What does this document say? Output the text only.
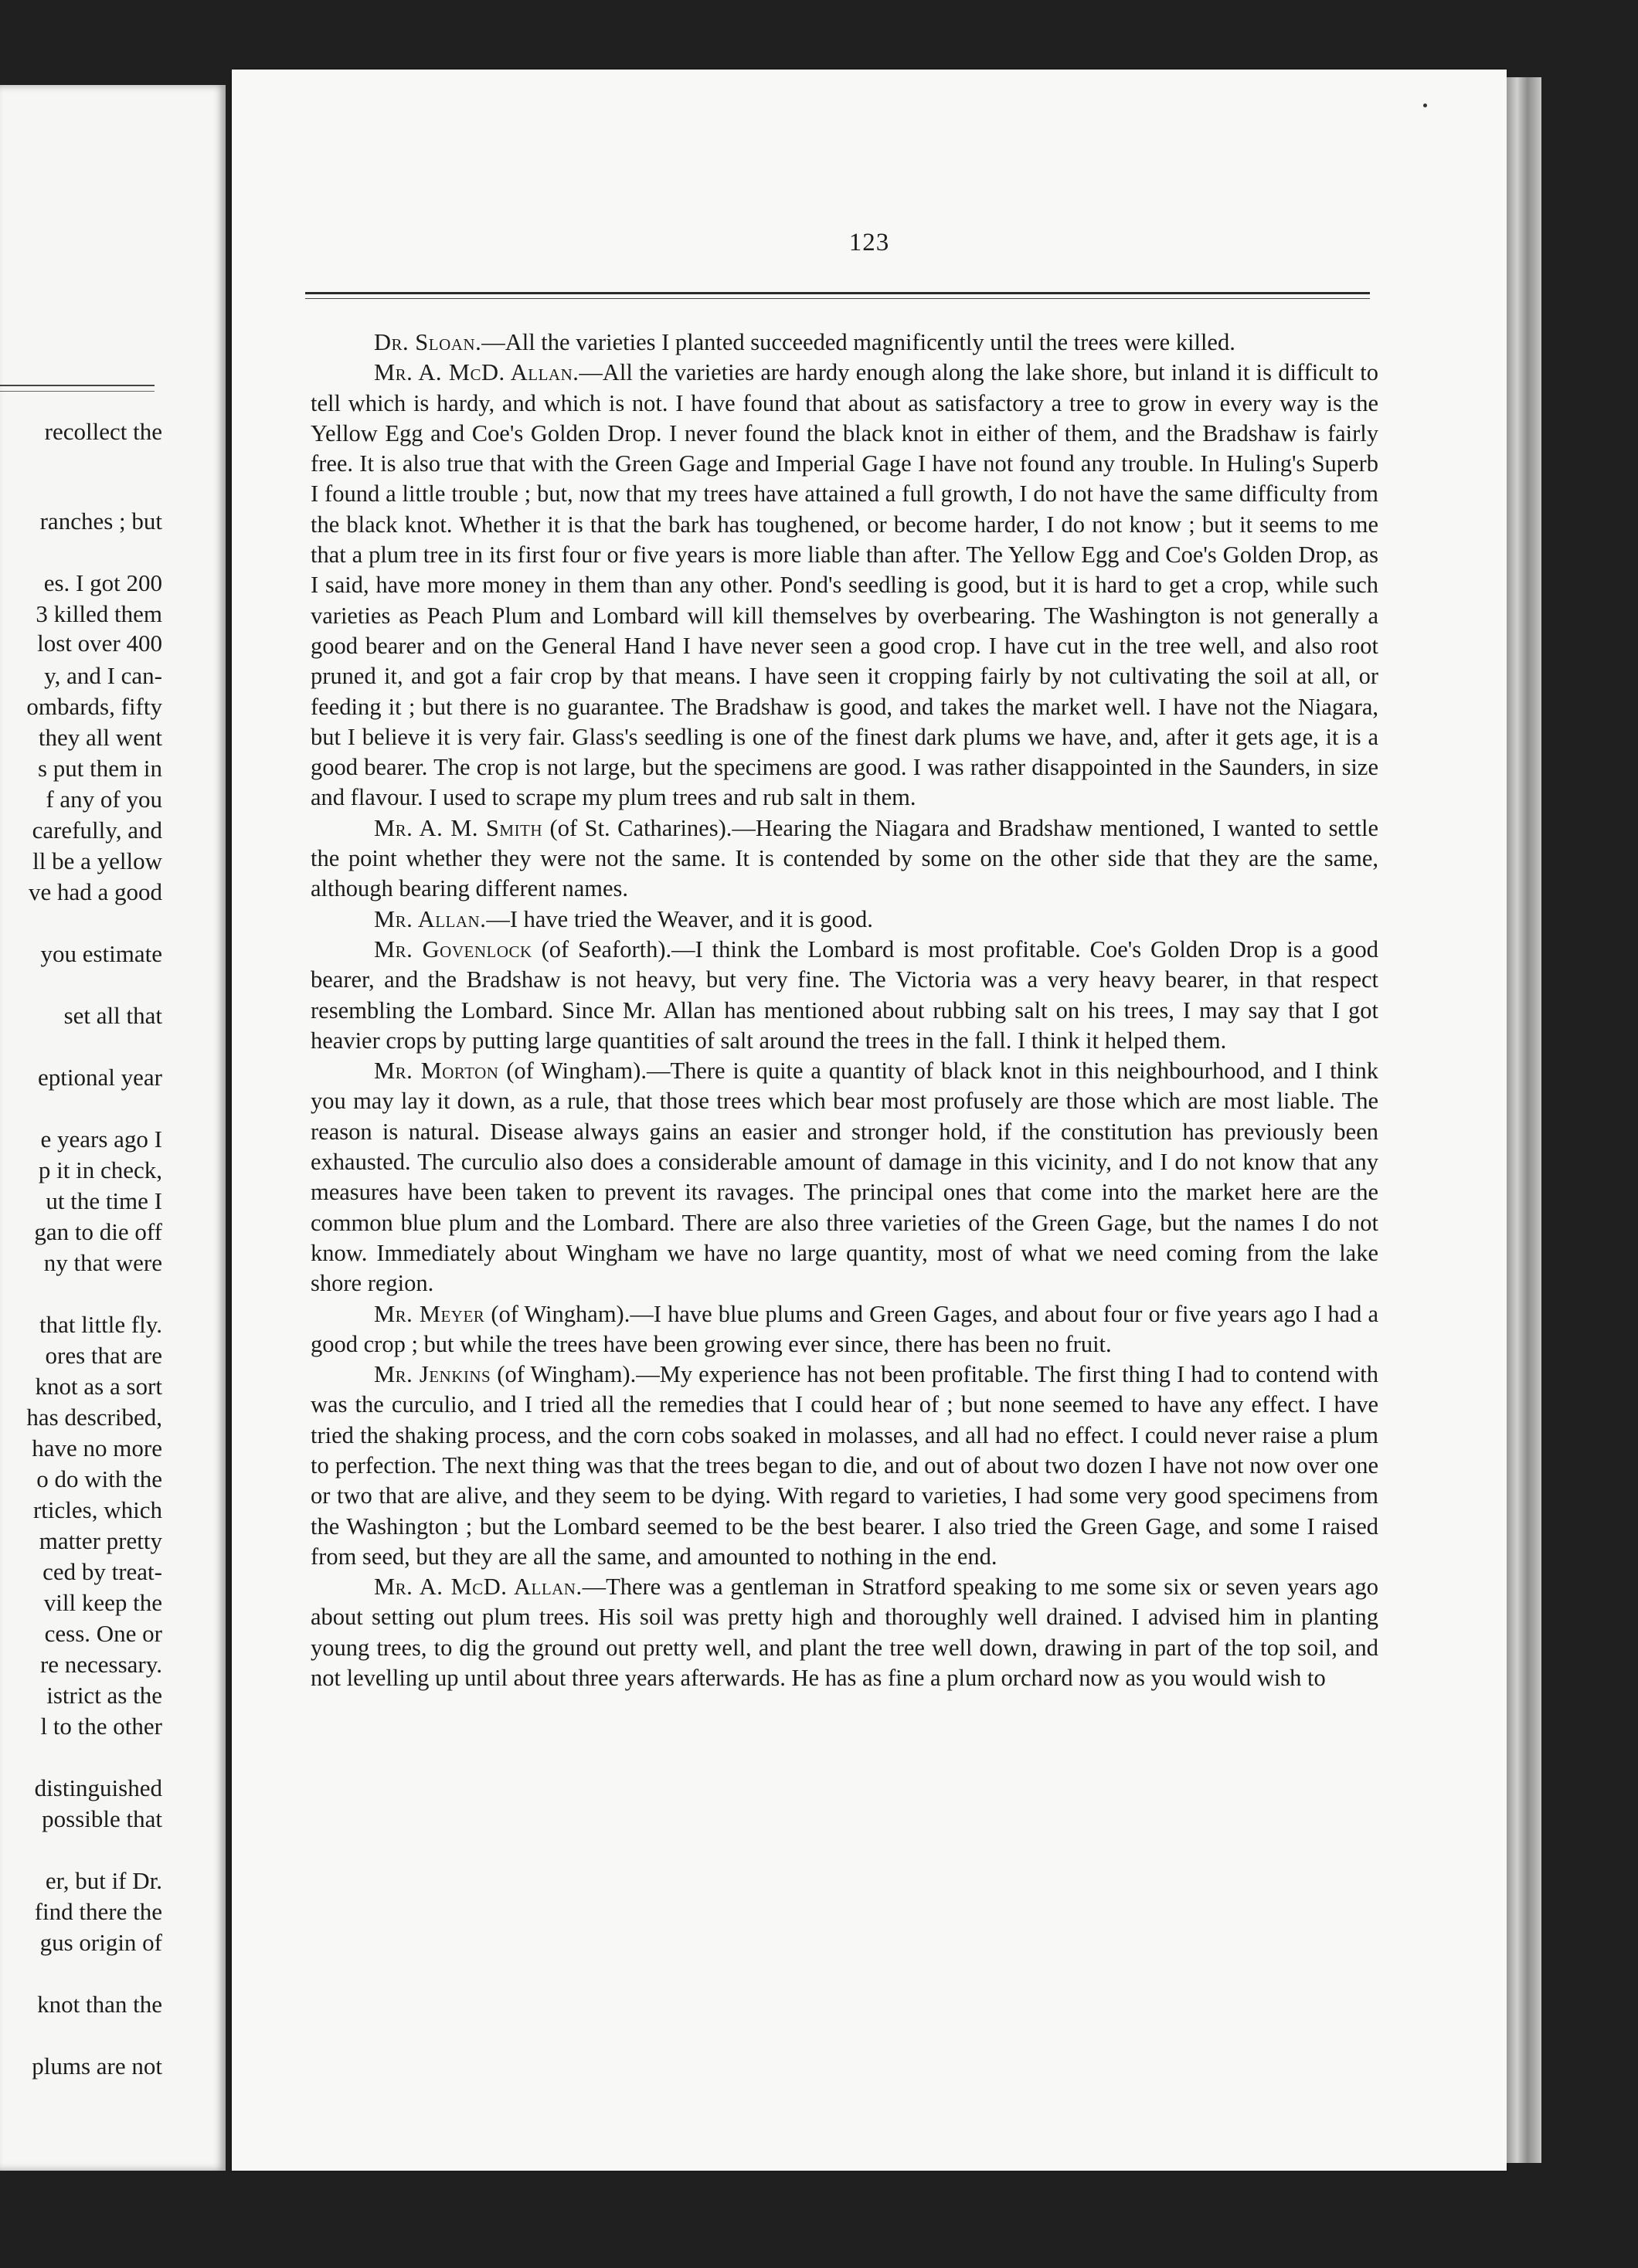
recollect the
ranches ; but
es. I got 200
3 killed them
lost over 400
y, and I can-
ombards, fifty
they all went
s put them in
f any of you
carefully, and
ll be a yellow
ve had a good
you estimate
set all that
eptional year
e years ago I
p it in check,
ut the time I
gan to die off
ny that were
that little fly.
ores that are
knot as a sort
has described,
have no more
o do with the
rticles, which
matter pretty
ced by treat-
vill keep the
cess. One or
re necessary.
istrict as the
l to the other
distinguished
possible that
er, but if Dr.
find there the
gus origin of
knot than the
plums are not
123

Dr. Sloan.—All the varieties I planted succeeded magnificently until the trees were killed.

Mr. A. McD. Allan.—All the varieties are hardy enough along the lake shore, but inland it is difficult to tell which is hardy, and which is not. I have found that about as satisfactory a tree to grow in every way is the Yellow Egg and Coe's Golden Drop. I never found the black knot in either of them, and the Bradshaw is fairly free. It is also true that with the Green Gage and Imperial Gage I have not found any trouble. In Huling's Superb I found a little trouble ; but, now that my trees have attained a full growth, I do not have the same difficulty from the black knot. Whether it is that the bark has toughened, or become harder, I do not know ; but it seems to me that a plum tree in its first four or five years is more liable than after. The Yellow Egg and Coe's Golden Drop, as I said, have more money in them than any other. Pond's seedling is good, but it is hard to get a crop, while such varieties as Peach Plum and Lombard will kill themselves by overbearing. The Washington is not generally a good bearer and on the General Hand I have never seen a good crop. I have cut in the tree well, and also root pruned it, and got a fair crop by that means. I have seen it cropping fairly by not cultivating the soil at all, or feeding it ; but there is no guarantee. The Bradshaw is good, and takes the market well. I have not the Niagara, but I believe it is very fair. Glass's seedling is one of the finest dark plums we have, and, after it gets age, it is a good bearer. The crop is not large, but the specimens are good. I was rather disappointed in the Saunders, in size and flavour. I used to scrape my plum trees and rub salt in them.

Mr. A. M. Smith (of St. Catharines).—Hearing the Niagara and Bradshaw mentioned, I wanted to settle the point whether they were not the same. It is contended by some on the other side that they are the same, although bearing different names.

Mr. Allan.—I have tried the Weaver, and it is good.

Mr. Govenlock (of Seaforth).—I think the Lombard is most profitable. Coe's Golden Drop is a good bearer, and the Bradshaw is not heavy, but very fine. The Victoria was a very heavy bearer, in that respect resembling the Lombard. Since Mr. Allan has mentioned about rubbing salt on his trees, I may say that I got heavier crops by putting large quantities of salt around the trees in the fall. I think it helped them.

Mr. Morton (of Wingham).—There is quite a quantity of black knot in this neighbourhood, and I think you may lay it down, as a rule, that those trees which bear most profusely are those which are most liable. The reason is natural. Disease always gains an easier and stronger hold, if the constitution has previously been exhausted. The curculio also does a considerable amount of damage in this vicinity, and I do not know that any measures have been taken to prevent its ravages. The principal ones that come into the market here are the common blue plum and the Lombard. There are also three varieties of the Green Gage, but the names I do not know. Immediately about Wingham we have no large quantity, most of what we need coming from the lake shore region.

Mr. Meyer (of Wingham).—I have blue plums and Green Gages, and about four or five years ago I had a good crop ; but while the trees have been growing ever since, there has been no fruit.

Mr. Jenkins (of Wingham).—My experience has not been profitable. The first thing I had to contend with was the curculio, and I tried all the remedies that I could hear of ; but none seemed to have any effect. I have tried the shaking process, and the corn cobs soaked in molasses, and all had no effect. I could never raise a plum to perfection. The next thing was that the trees began to die, and out of about two dozen I have not now over one or two that are alive, and they seem to be dying. With regard to varieties, I had some very good specimens from the Washington ; but the Lombard seemed to be the best bearer. I also tried the Green Gage, and some I raised from seed, but they are all the same, and amounted to nothing in the end.

Mr. A. McD. Allan.—There was a gentleman in Stratford speaking to me some six or seven years ago about setting out plum trees. His soil was pretty high and thoroughly well drained. I advised him in planting young trees, to dig the ground out pretty well, and plant the tree well down, drawing in part of the top soil, and not levelling up until about three years afterwards. He has as fine a plum orchard now as you would wish to
